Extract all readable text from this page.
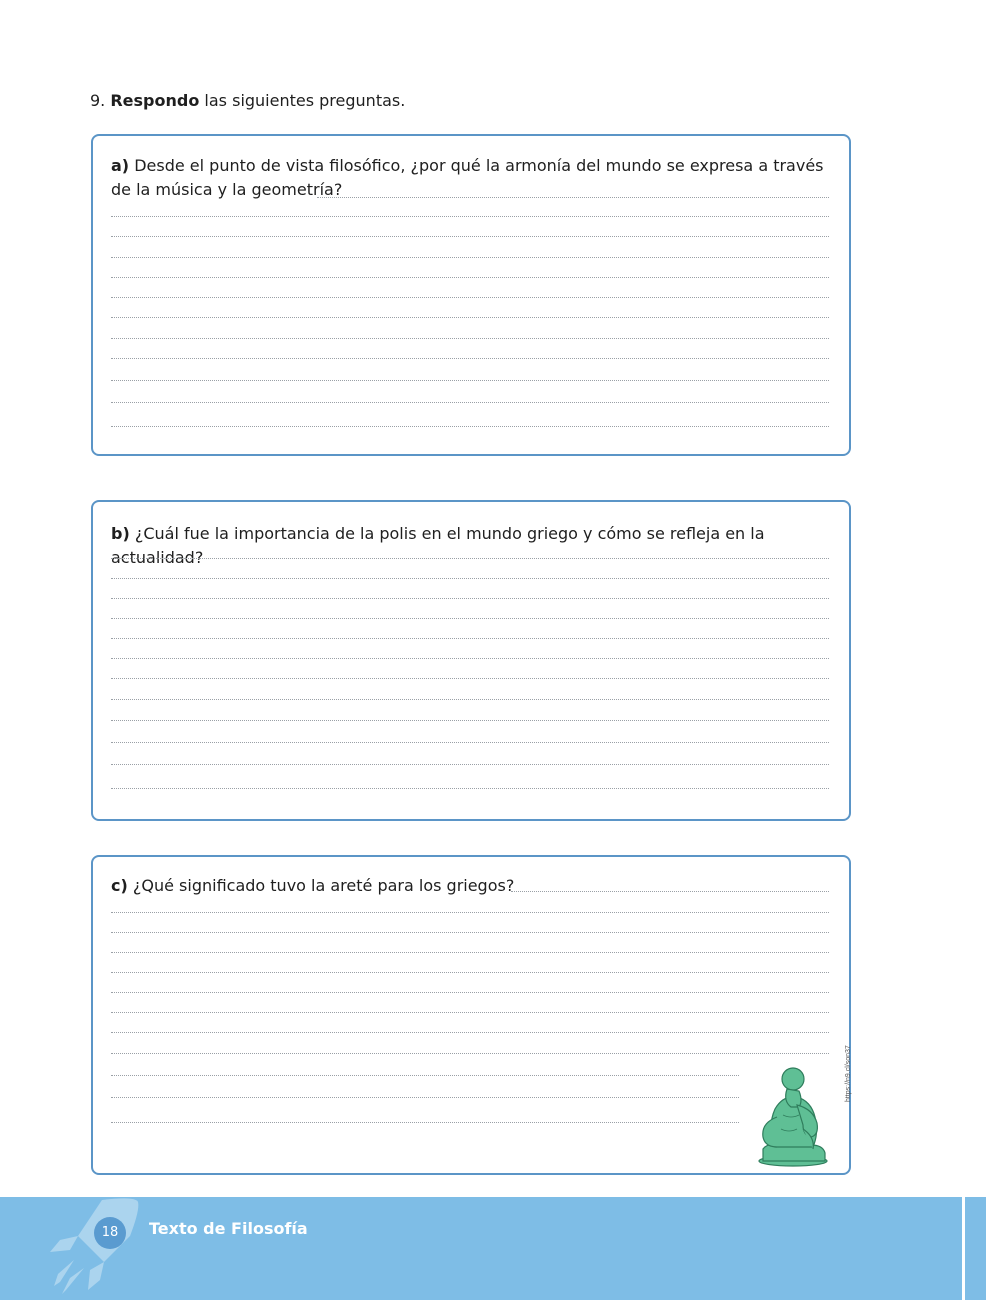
9. Respondo las siguientes preguntas.
a) Desde el punto de vista filosófico, ¿por qué la armonía del mundo se expresa a través de la música y la geometría?
b) ¿Cuál fue la importancia de la polis en el mundo griego y cómo se refleja en la actualidad?
c) ¿Qué significado tuvo la areté para los griegos?
https://n9.cl/son37
18	Texto de Filosofía
